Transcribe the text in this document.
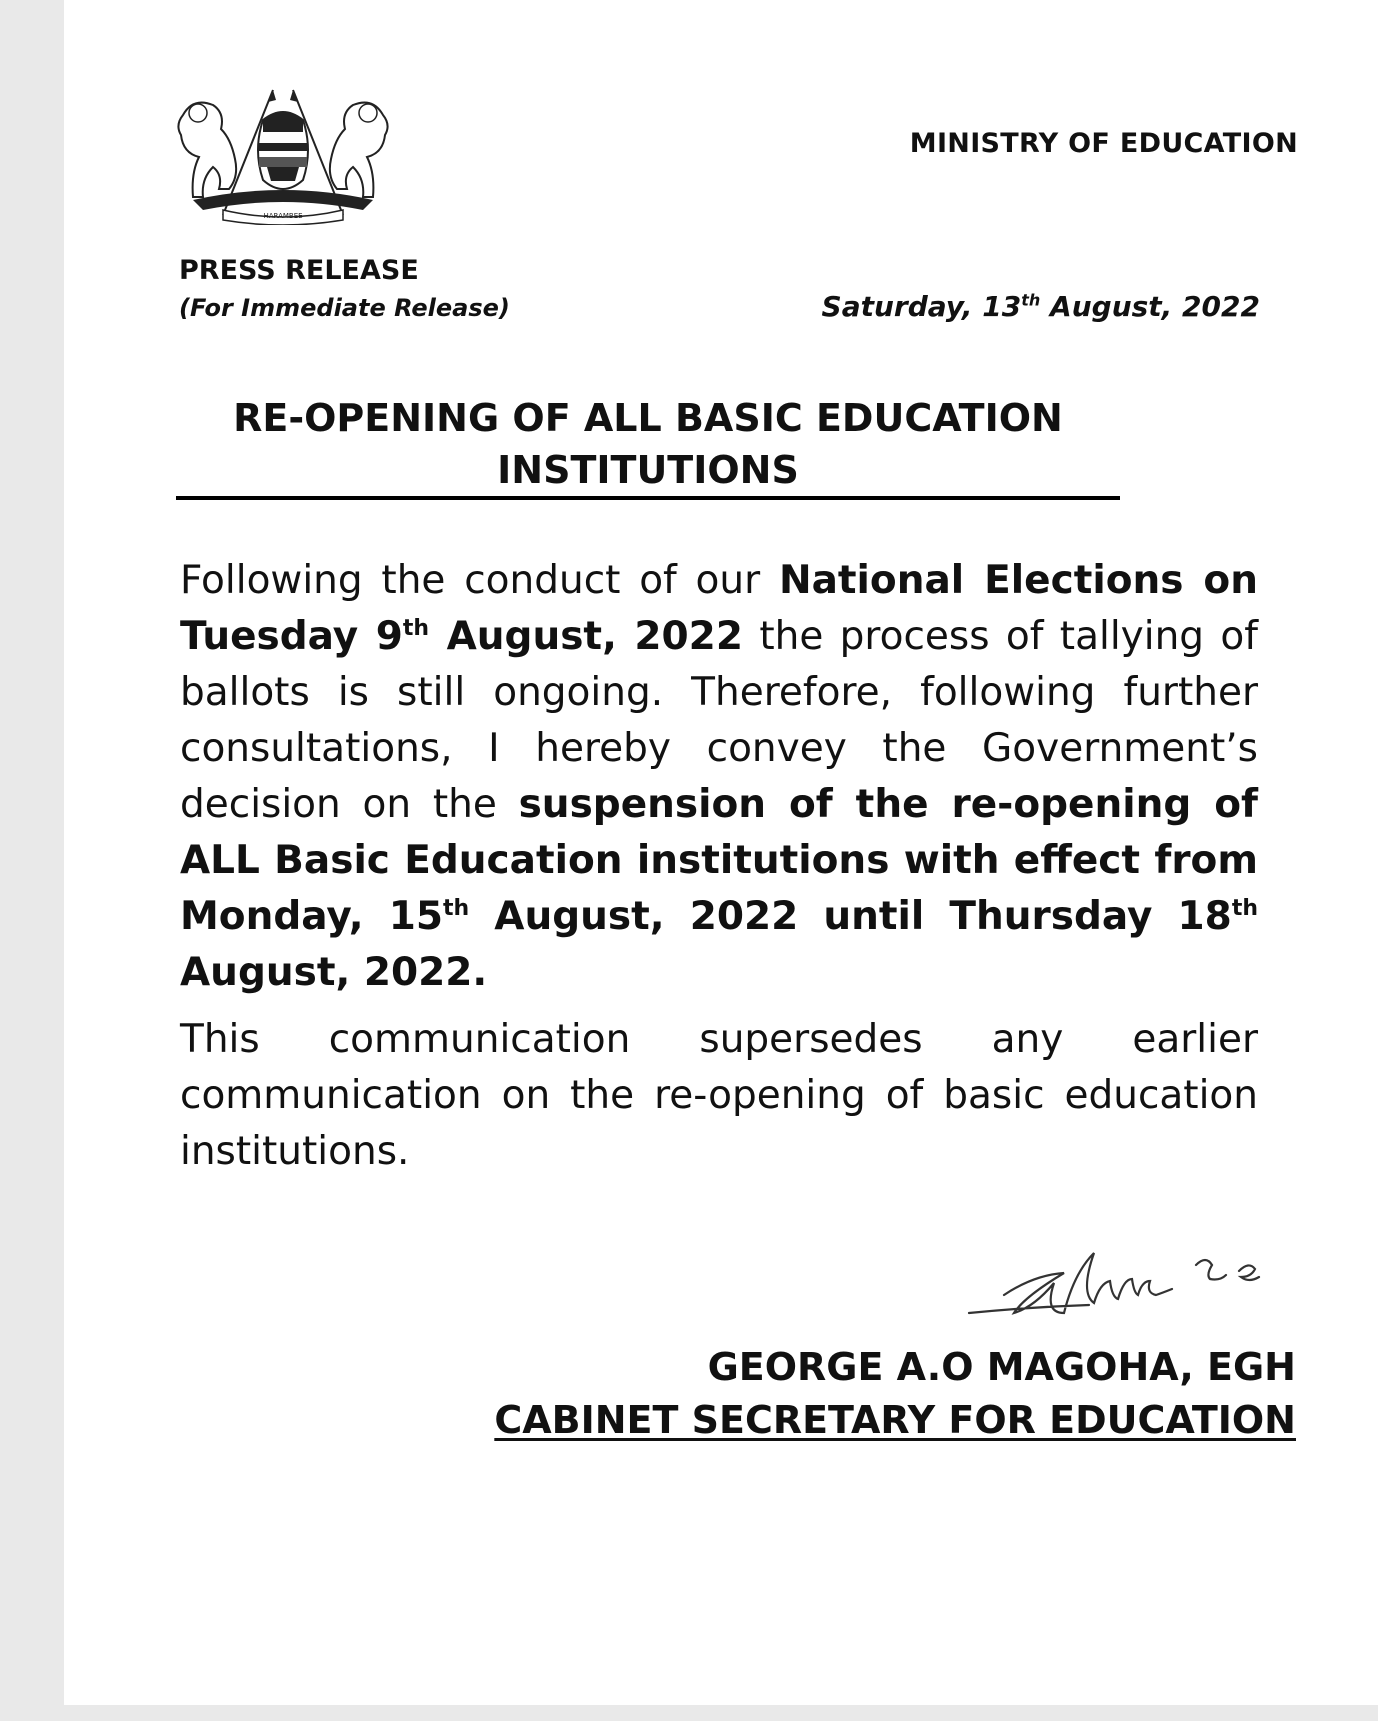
HARAMBEE
MINISTRY OF EDUCATION
PRESS RELEASE
(For Immediate Release)	Saturday, 13th August, 2022
RE-OPENING OF ALL BASIC EDUCATION
INSTITUTIONS
Following the conduct of our National Elections on Tuesday 9th August, 2022 the process of tallying of ballots is still ongoing. Therefore, following further consultations, I hereby convey the Government’s decision on the suspension of the re-opening of ALL Basic Education institutions with effect from Monday, 15th August, 2022 until Thursday 18th August, 2022.
This communication supersedes any earlier communication on the re-opening of basic education institutions.
GEORGE A.O MAGOHA, EGH
CABINET SECRETARY FOR EDUCATION
